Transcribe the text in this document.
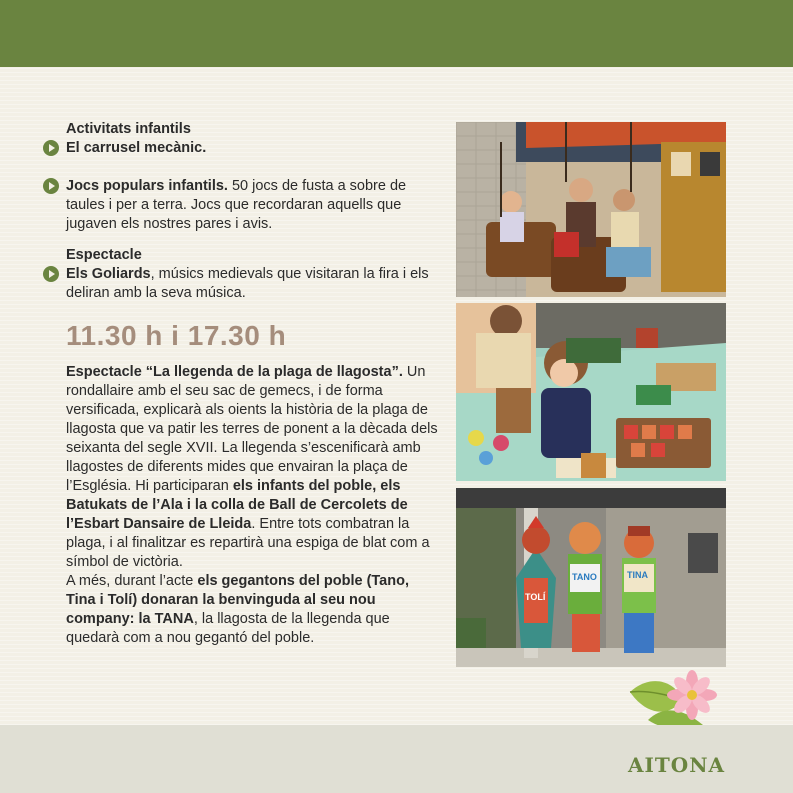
Activitats infantils
El carrusel mecànic.
Jocs populars infantils. 50 jocs de fusta a sobre de taules i per a terra. Jocs que recordaran aquells que jugaven els nostres pares i avis.
Espectacle
Els Goliards, músics medievals que visitaran la fira i els deliran amb la seva música.
11.30 h i 17.30 h
Espectacle “La llegenda de la plaga de llagosta”. Un rondallaire amb el seu sac de gemecs, i de forma versificada, explicarà als oients la història de la plaga de llagosta que va patir les terres de ponent a la dècada dels seixanta del segle XVII. La llegenda s’escenificarà amb llagostes de diferents mides que envairan la plaça de l’Església. Hi participaran els infants del poble, els Batukats de l’Ala i la colla de Ball de Cercolets de l’Esbart Dansaire de Lleida. Entre tots combatran la plaga, i al finalitzar es repartirà una espiga de blat com a símbol de victòria.
A més, durant l’acte els gegantons del poble (Tano, Tina i Tolí) donaran la benvinguda al seu nou company: la TANA, la llagosta de la llegenda que quedarà com a nou gegantó del poble.
TOLÍ
TANO	TINA
AITONA
